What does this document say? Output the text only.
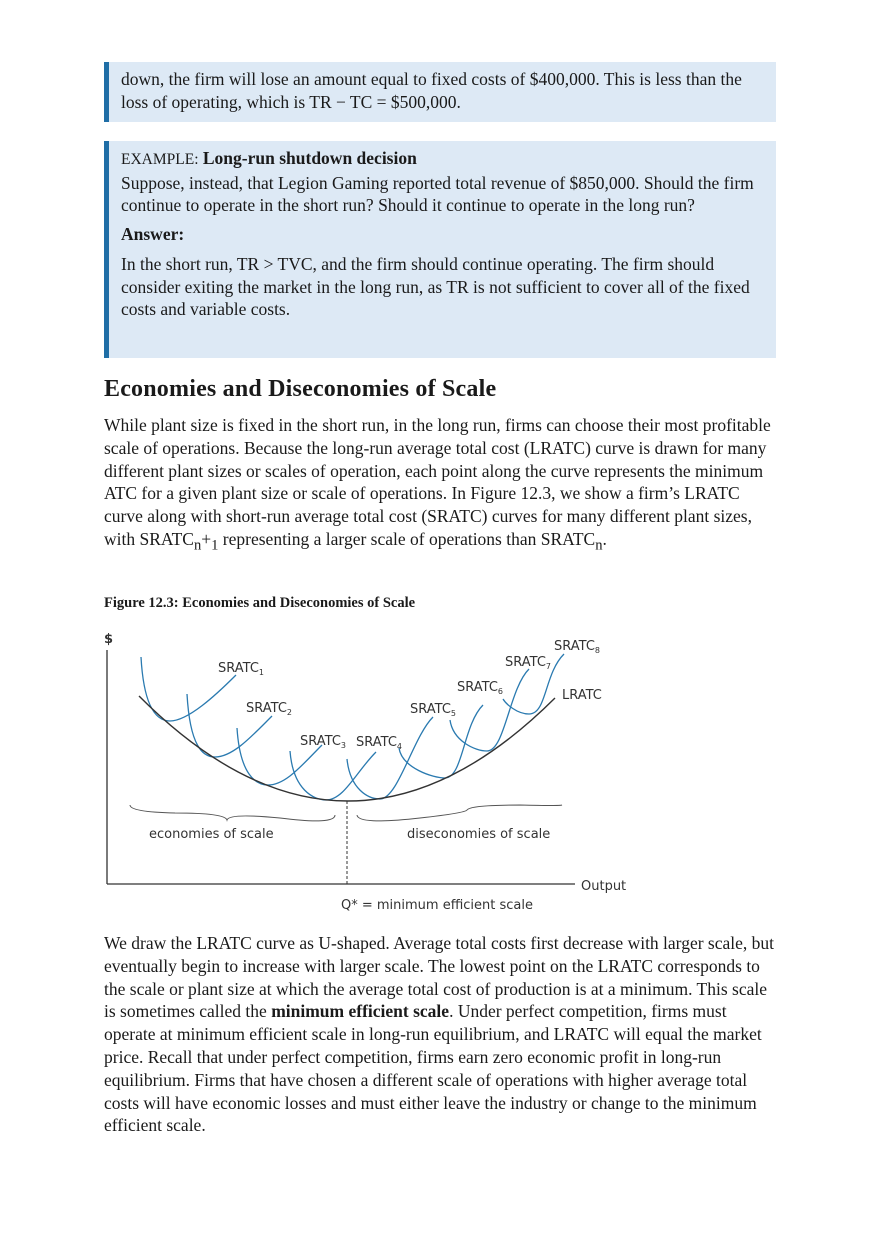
down, the firm will lose an amount equal to fixed costs of $400,000. This is less than the loss of operating, which is TR − TC = $500,000.

EXAMPLE: Long-run shutdown decision

Suppose, instead, that Legion Gaming reported total revenue of $850,000. Should the firm continue to operate in the short run? Should it continue to operate in the long run?

Answer:

In the short run, TR > TVC, and the firm should continue operating. The firm should consider exiting the market in the long run, as TR is not sufficient to cover all of the fixed costs and variable costs.

Economies and Diseconomies of Scale

While plant size is fixed in the short run, in the long run, firms can choose their most profitable scale of operations. Because the long-run average total cost (LRATC) curve is drawn for many different plant sizes or scales of operation, each point along the curve represents the minimum ATC for a given plant size or scale of operations. In Figure 12.3, we show a firm’s LRATC curve along with short-run average total cost (SRATC) curves for many different plant sizes, with $SRATC_n+_1$ representing a larger scale of operations than $SRATC_n$.

Figure 12.3: Economies and Diseconomies of Scale

$
Output
Q* = minimum efficient scale
LRATC
$SRATC_1$
$SRATC_2$
$SRATC_3$ $SRATC_4$
$SRATC_5$
$SRATC_6$
$SRATC_7$
$SRATC_8$
economies of scale	diseconomies of scale

We draw the LRATC curve as U-shaped. Average total costs first decrease with larger scale, but eventually begin to increase with larger scale. The lowest point on the LRATC corresponds to the scale or plant size at which the average total cost of production is at a minimum. This scale is sometimes called the minimum efficient scale. Under perfect competition, firms must operate at minimum efficient scale in long-run equilibrium, and LRATC will equal the market price. Recall that under perfect competition, firms earn zero economic profit in long-run equilibrium. Firms that have chosen a different scale of operations with higher average total costs will have economic losses and must either leave the industry or change to the minimum efficient scale.
